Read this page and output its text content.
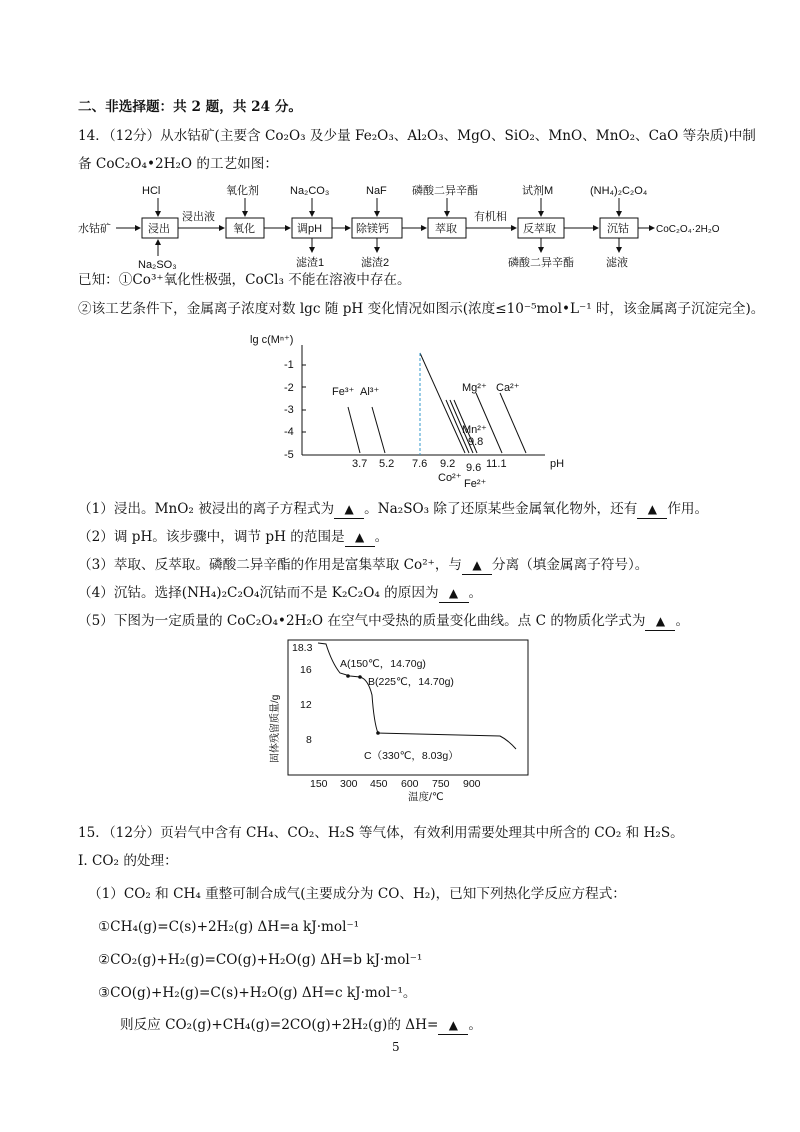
二、非选择题：共 2 题，共 24 分。
14．（12分）从水钴矿(主要含 Co₂O₃ 及少量 Fe₂O₃、Al₂O₃、MgO、SiO₂、MnO、MnO₂、CaO 等杂质)中制
备 CoC₂O₄•2H₂O 的工艺如图：
水钴矿	浸出
HCl
Na₂SO₃
浸出液
氧化
氧化剂
调pH
Na₂CO₃
滤渣1
除镁钙
NaF
滤渣2
萃取
磷酸二异辛酯
有机相
反萃取
试剂M
磷酸二异辛酯
沉钴
(NH₄)₂C₂O₄
滤液
CoC₂O₄·2H₂O
已知：①Co³⁺氧化性极强，CoCl₃ 不能在溶液中存在。
②该工艺条件下，金属离子浓度对数 lgc 随 pH 变化情况如图示(浓度≤10⁻⁵mol•L⁻¹ 时，该金属离子沉淀完全)。
lg c(Mⁿ⁺)
pH
-1
-2
-3
-4
-5
3.7 5.2 7.6 9.2	11.1
9.6
Fe³⁺ Al³⁺	Mg²⁺ Ca²⁺
Mn²⁺
9.8
Co²⁺ Fe²⁺
（1）浸出。MnO₂ 被浸出的离子方程式为 ▲ 。Na₂SO₃ 除了还原某些金属氧化物外，还有 ▲ 作用。
（2）调 pH。该步骤中，调节 pH 的范围是 ▲ 。
（3）萃取、反萃取。磷酸二异辛酯的作用是富集萃取 Co²⁺，与 ▲ 分离（填金属离子符号）。
（4）沉钴。选择(NH₄)₂C₂O₄沉钴而不是 K₂C₂O₄ 的原因为 ▲ 。
（5）下图为一定质量的 CoC₂O₄•2H₂O 在空气中受热的质量变化曲线。点 C 的物质化学式为 ▲ 。
固体残留质量/g
温度/℃
18.3
16
12
8
150 300 450 600 750 900
A(150℃，14.70g)
B(225℃，14.70g)
C（330℃，8.03g）
15．（12分）页岩气中含有 CH₄、CO₂、H₂S 等气体，有效利用需要处理其中所含的 CO₂ 和 H₂S。
I. CO₂ 的处理：
（1）CO₂ 和 CH₄ 重整可制合成气(主要成分为 CO、H₂)，已知下列热化学反应方程式：
①CH₄(g)=C(s)+2H₂(g) ΔH=a kJ·mol⁻¹
②CO₂(g)+H₂(g)=CO(g)+H₂O(g) ΔH=b kJ·mol⁻¹
③CO(g)+H₂(g)=C(s)+H₂O(g) ΔH=c kJ·mol⁻¹。
则反应 CO₂(g)+CH₄(g)=2CO(g)+2H₂(g)的 ΔH= ▲ 。
5
